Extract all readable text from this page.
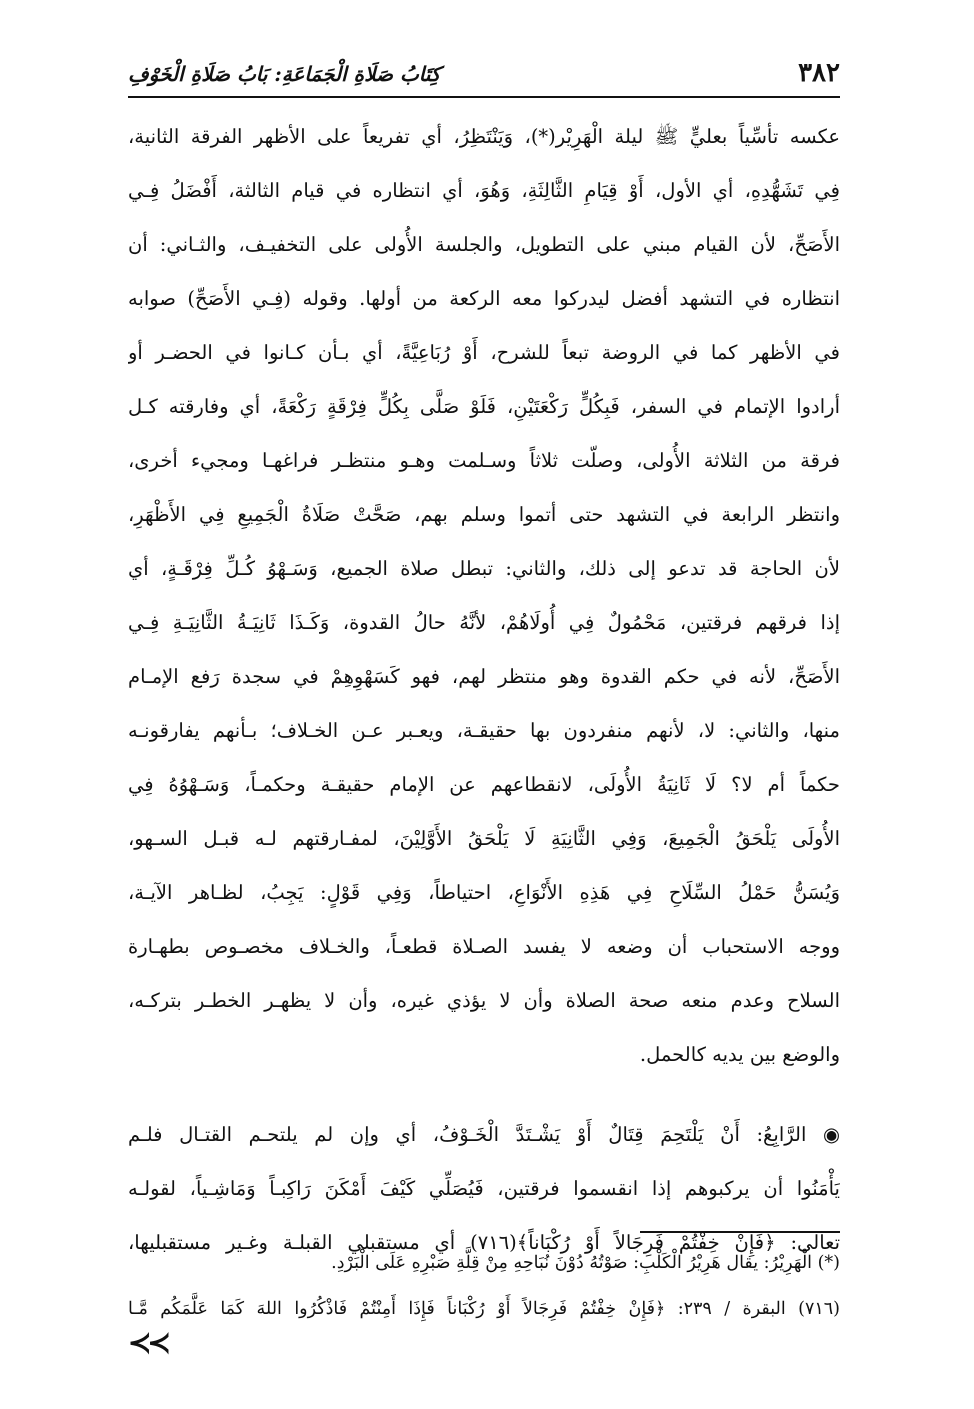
٣٨٢
كِتَابُ صَلَاةِ الْجَمَاعَةِ: بَابُ صَلَاةِ الْخَوْفِ
عكسه تأسِّياً بعليٍّ ﷺ ليلة الْهَرِيْر(*)، وَيَنْتَظِرُ، أي تفريعاً على الأظهر الفرقة الثانية،
فِي تَشَهُّدِهِ، أي الأول، أَوْ قِيَامِ الثَّالِثَةِ، وَهُوَ، أي انتظاره في قيام الثالثة، أَفْضَلُ فِـي
الأَصَحِّ، لأن القيام مبني على التطويل، والجلسة الأُولى على التخفيـف، والثـاني: أن
انتظاره في التشهد أفضل ليدركوا معه الركعة من أولها. وقوله (فِـي الأَصَحِّ) صوابه
في الأظهر كما في الروضة تبعاً للشرح، أَوْ رُبَاعِيَّةً، أي بـأن كـانوا في الحضـر أو
أرادوا الإتمام في السفر، فَبِكُلٍّ رَكْعَتَيْنِ، فَلَوْ صَلَّى بِكُلٍّ فِرْقَةٍ رَكْعَةً، أي وفارقته كـل
فرقة من الثلاثة الأُولى، وصلّت ثلاثاً وسـلمت وهـو منتظـر فراغهـا ومجيء أخرى،
وانتظر الرابعة في التشهد حتى أتموا وسلم بهم، صَحَّتْ صَلَاةُ الْجَمِيعِ فِي الأَظْهَرِ،
لأن الحاجة قد تدعو إلى ذلك، والثاني: تبطل صلاة الجميع، وَسَـهْوُ كُـلِّ فِرْقَـةٍ، أي
إذا فرقهم فرقتين، مَحْمُولٌ فِي أُولَاهُمْ، لأنَّهُ حالُ القدوة، وَكَـذَا ثَانِيَـةُ الثَّانِيَـةِ فِـي
الأَصَحِّ، لأنه في حكم القدوة وهو منتظر لهم، فهو كَسَهْوِهِمْ في سجدة رَفع الإمـام
منها، والثاني: لا، لأنهم منفردون بها حقيقـة، ويعـبر عـن الخـلاف؛ بـأنهم يفارقونـه
حكماً أم لا؟ لَا ثَانِيَةُ الأُولَى، لانقطاعهم عن الإمام حقيقـة وحكمـاً، وَسَـهْوُهُ فِي
الأُولَى يَلْحَقُ الْجَمِيعَ، وَفِي الثَّانِيَةِ لَا يَلْحَقُ الأَوَّلِيْنَ، لمفـارقتهم لـه قبـل السـهو،
وَيُسَنُّ حَمْلُ السِّلَاحِ فِي هَذِهِ الأَنْوَاعِ، احتياطاً، وَفِي قَوْلٍ: يَجِبُ، لظـاهر الآيـة،
ووجه الاستحباب أن وضعه لا يفسد الصـلاة قطعـاً، والخـلاف مخصـوص بطهـارة
السلاح وعدم منعه صحة الصلاة وأن لا يؤذي غيره، وأن لا يظهـر الخطـر بتركـه،
والوضع بين يديه كالحمل.
◉ الرَّابِعُ: أَنْ يَلْتَحِمَ قِتَالٌ أَوْ يَشْـتَدَّ الْخَـوْفُ، أي وإن لم يلتحـم القتـال فلـم
يَأْمَنُوا أن يركبوهم إذا انقسموا فرقتين، فَيُصَلِّي كَيْفَ أَمْكَنَ رَاكِبـاً وَمَاشِـياً، لقولـه
تعالى: ﴿فَإِنْ خِفْتُمْ فَرِجَالاً أَوْ رُكْبَاناً﴾(٧١٦) أي مستقبلي القبلـة وغـير مستقبليها،
(*) الْهَرِيْرُ: يقال هَرِيْرُ الْكَلْبِ: صَوْتُهُ دُوْنَ نُبَاحِهِ مِنْ قِلَّةِ صَبْرِهِ عَلَى الْبَرْدِ.
(٧١٦) البقرة / ٢٣٩: ﴿فَإِنْ خِفْتُمْ فَرِجَالاً أَوْ رُكْبَاناً فَإِذَا أَمِنْتُمْ فَاذْكُرُوا اللهَ كَمَا عَلَّمَكُم مَّـا
≺≺
